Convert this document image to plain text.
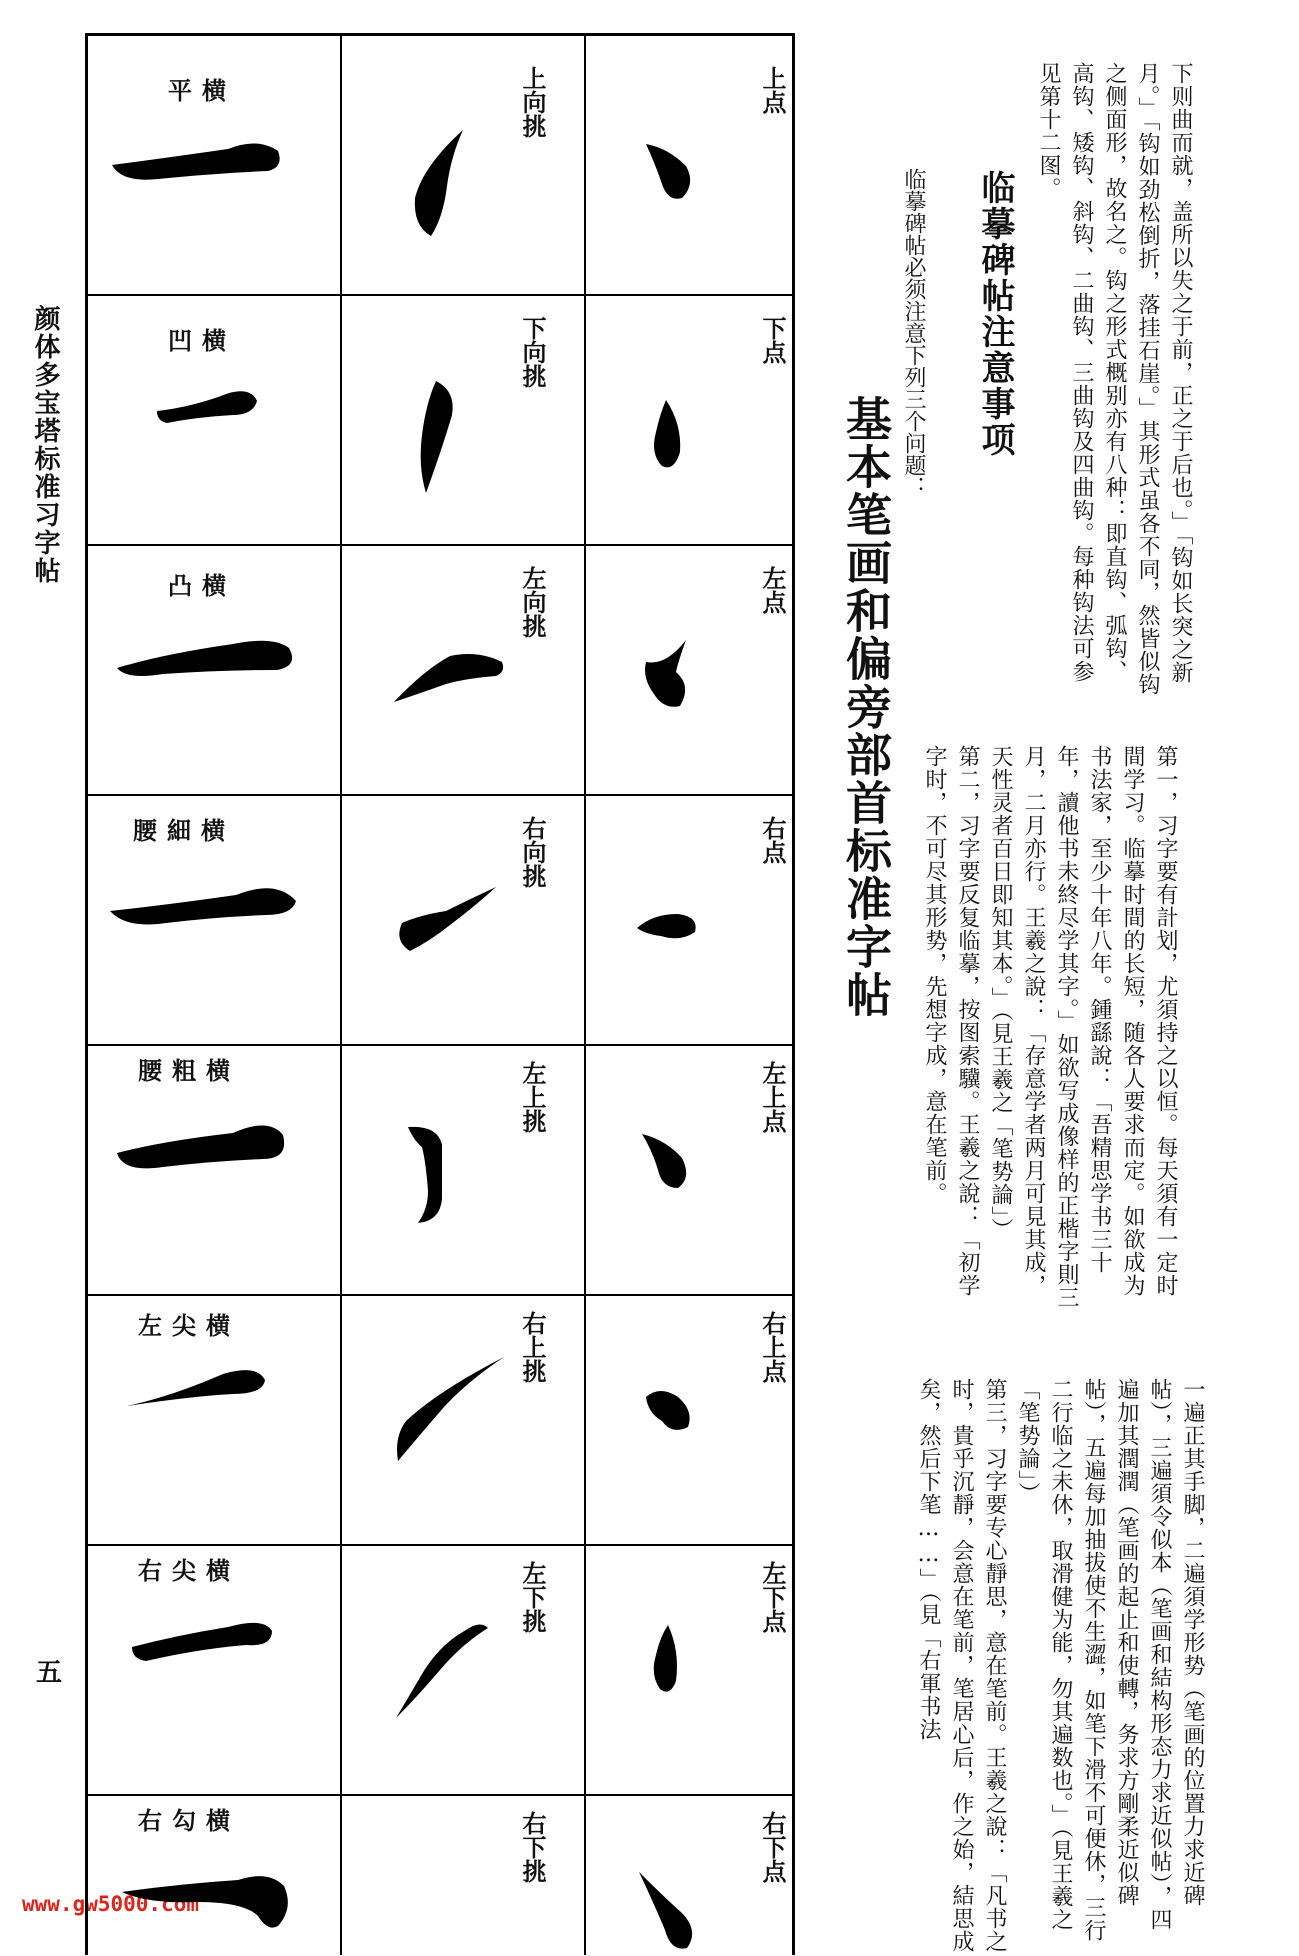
颜体多宝塔标准习字帖
五
www.gw5000.com
上点
下点
左点
右点
左上点
右上点
左下点
右下点
上向挑
下向挑
左向挑
右向挑
左上挑
右上挑
左下挑
右下挑
平横
凹横
凸横
腰細横
腰粗横
左尖横
右尖横
右勾横
基本笔画和偏旁部首标准字帖
临摹碑帖注意事项
临摹碑帖必须注意下列三个问题：	下则曲而就，盖所以失之于前，正之于后也。」「钩如长突之新月。」「钩如劲松倒折，落挂石崖。」其形式虽各不同，然皆似钩之侧面形，故名之。钩之形式概别亦有八种：即直钩、弧钩、高钩、矮钩、斜钩、二曲钩、三曲钩及四曲钩。每种钩法可参见第十二图。

第一，习字要有計划，尤須持之以恒。每天須有一定时間学习。临摹时間的长短，随各人要求而定。如欲成为书法家，至少十年八年。鍾繇說：「吾精思学书三十年，讀他书未終尽学其字。」如欲写成像样的正楷字則三月，二月亦行。王羲之說：「存意学者两月可見其成，天性灵者百日即知其本。」（見王羲之「笔势論」）

第二，习字要反复临摹，按图索驥。王羲之說：「初学字时，不可尽其形势，先想字成，意在笔前。

一遍正其手脚，二遍須学形势（笔画的位置力求近碑帖），三遍須令似本（笔画和結构形态力求近似帖），四遍加其潤潤（笔画的起止和使轉，务求方剛柔近似碑帖），五遍每加抽拔使不生澀，如笔下滑不可便休，三行二行临之未休，取滑健为能，勿其遍数也。」（見王羲之「笔势論」）

第三，习字要专心靜思，意在笔前。王羲之說：「凡书之时，貴乎沉靜，会意在笔前，笔居心后，作之始，結思成矣，然后下笔……」（見「右軍书法
